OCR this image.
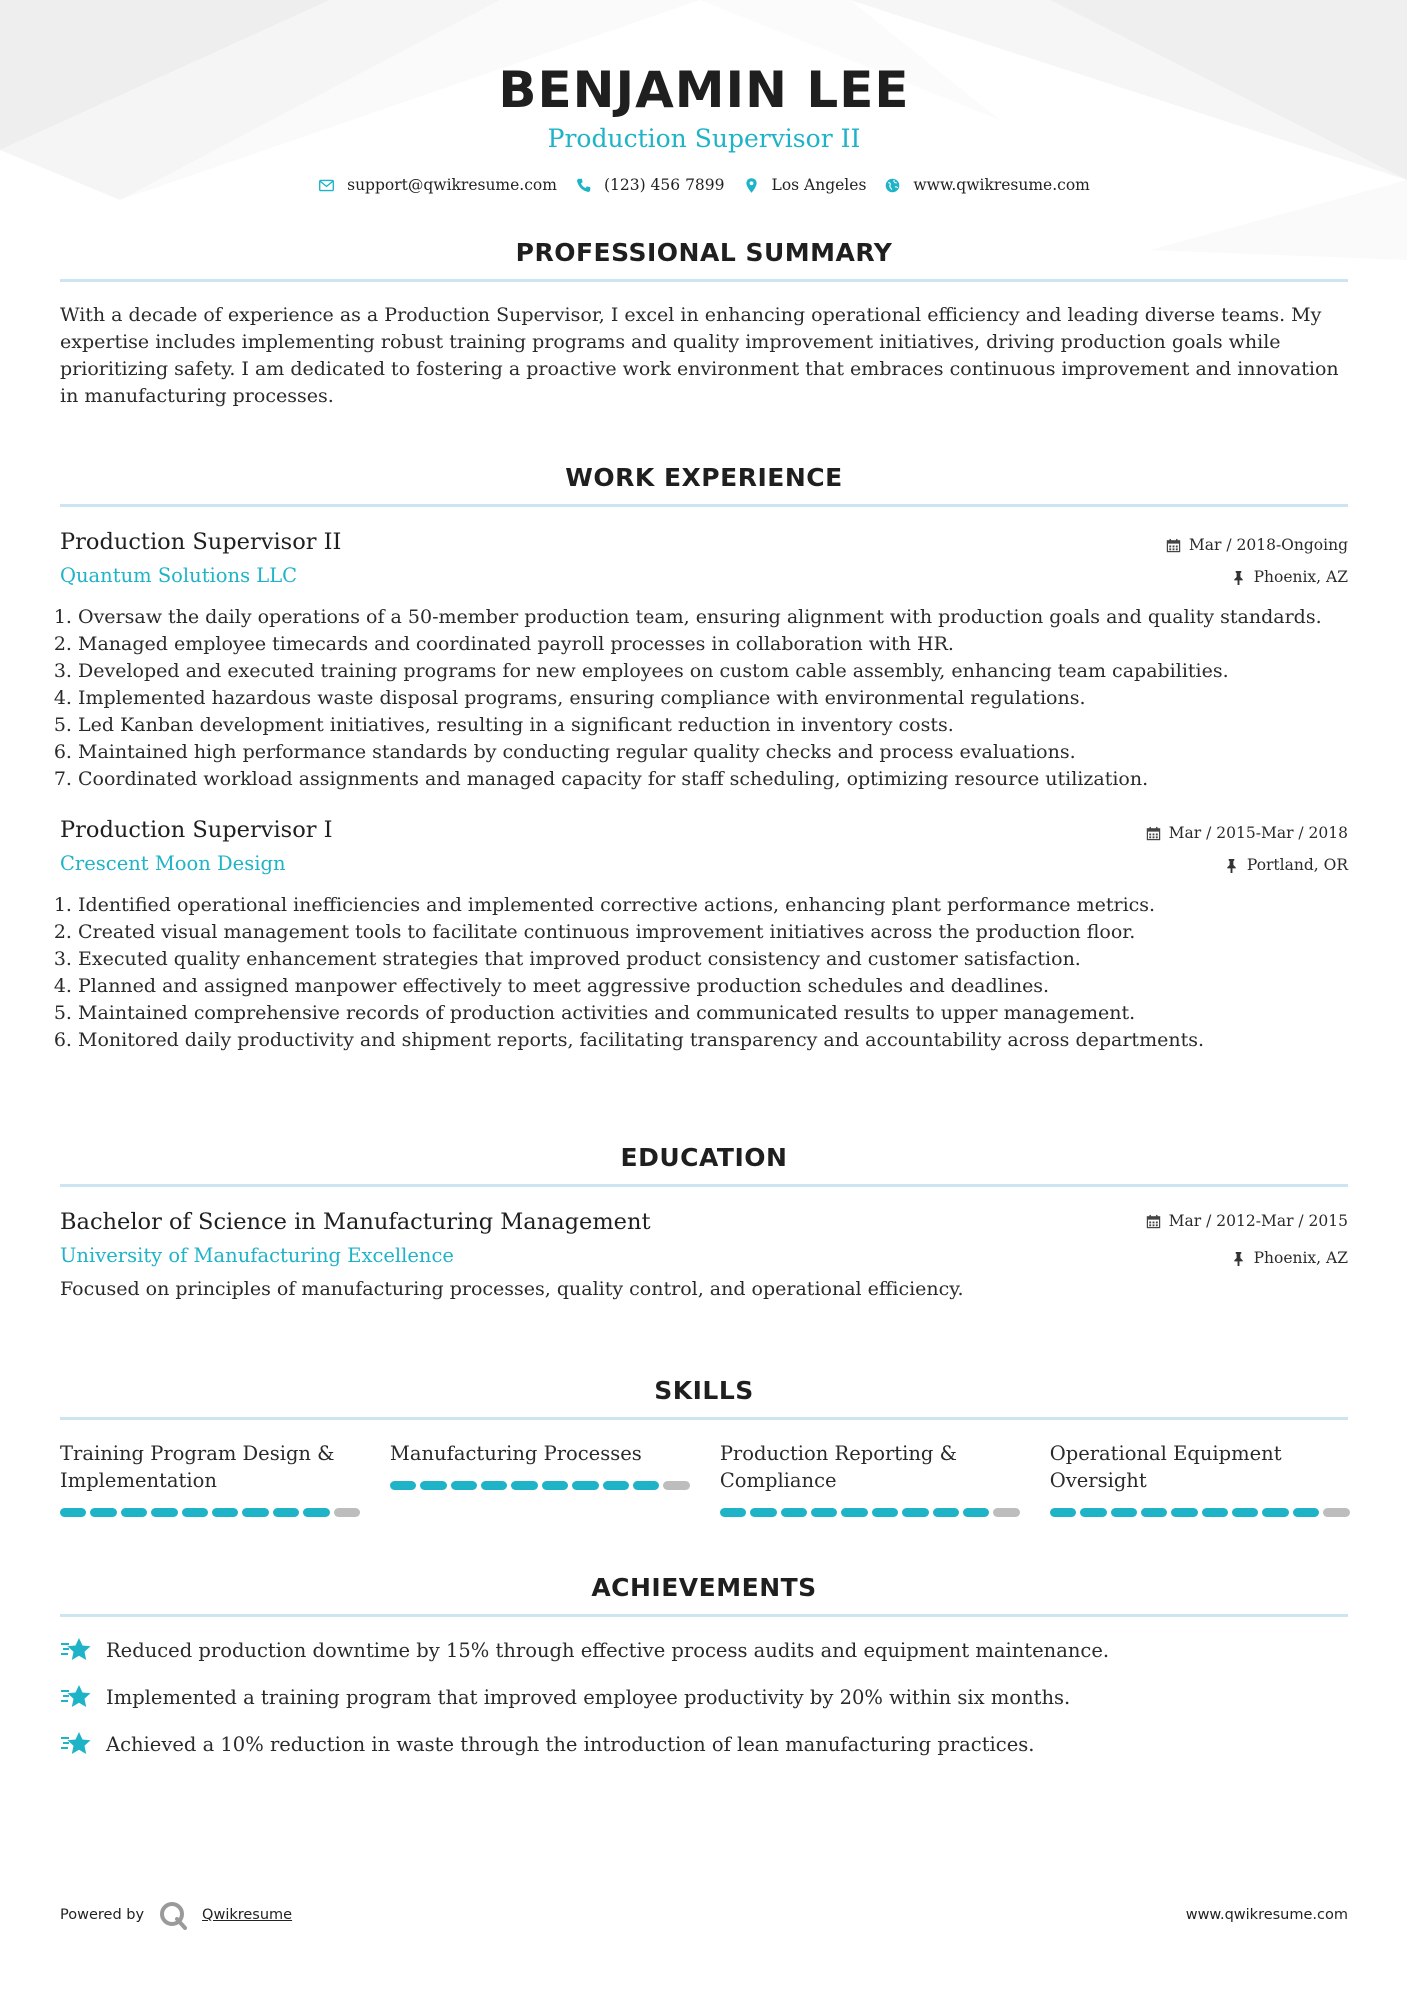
BENJAMIN LEE
Production Supervisor II
support@qwikresume.com	(123) 456 7899	Los Angeles	www.qwikresume.com
PROFESSIONAL SUMMARY

With a decade of experience as a Production Supervisor, I excel in enhancing operational efficiency and leading diverse teams. My expertise includes implementing robust training programs and quality improvement initiatives, driving production goals while prioritizing safety. I am dedicated to fostering a proactive work environment that embraces continuous improvement and innovation in manufacturing processes.

WORK EXPERIENCE
Production Supervisor II
Quantum Solutions LLC
Mar / 2018-Ongoing
Phoenix, AZ
1. Oversaw the daily operations of a 50-member production team, ensuring alignment with production goals and quality standards.
2. Managed employee timecards and coordinated payroll processes in collaboration with HR.
3. Developed and executed training programs for new employees on custom cable assembly, enhancing team capabilities.
4. Implemented hazardous waste disposal programs, ensuring compliance with environmental regulations.
5. Led Kanban development initiatives, resulting in a significant reduction in inventory costs.
6. Maintained high performance standards by conducting regular quality checks and process evaluations.
7. Coordinated workload assignments and managed capacity for staff scheduling, optimizing resource utilization.
Production Supervisor I
Crescent Moon Design
Mar / 2015-Mar / 2018
Portland, OR
1. Identified operational inefficiencies and implemented corrective actions, enhancing plant performance metrics.
2. Created visual management tools to facilitate continuous improvement initiatives across the production floor.
3. Executed quality enhancement strategies that improved product consistency and customer satisfaction.
4. Planned and assigned manpower effectively to meet aggressive production schedules and deadlines.
5. Maintained comprehensive records of production activities and communicated results to upper management.
6. Monitored daily productivity and shipment reports, facilitating transparency and accountability across departments.
EDUCATION
Bachelor of Science in Manufacturing Management
University of Manufacturing Excellence
Mar / 2012-Mar / 2015
Phoenix, AZ

Focused on principles of manufacturing processes, quality control, and operational efficiency.

SKILLS
Training Program Design & Implementation
Manufacturing Processes	Production Reporting & Compliance
Operational Equipment Oversight
ACHIEVEMENTS
Reduced production downtime by 15% through effective process audits and equipment maintenance.
Implemented a training program that improved employee productivity by 20% within six months.
Achieved a 10% reduction in waste through the introduction of lean manufacturing practices.
Powered by	Qwikresume	www.qwikresume.com
